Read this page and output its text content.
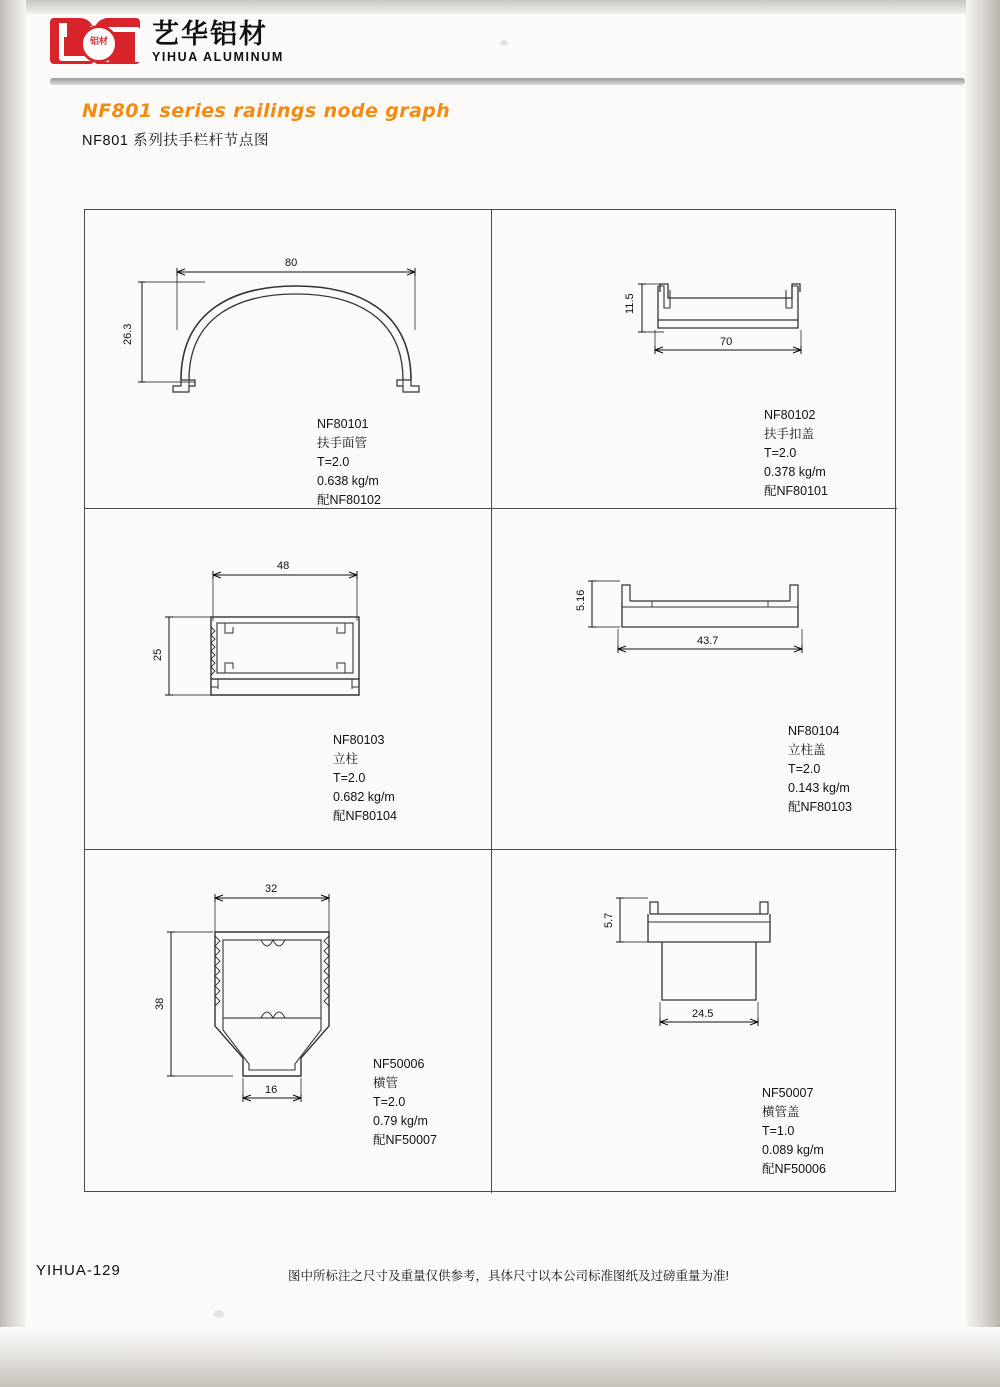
铝材 艺华铝材
YIHUA ALUMINUM
NF801 series railings node graph
NF801 系列扶手栏杆节点图
80
26.3
NF80101
扶手面管
T=2.0
0.638 kg/m
配NF80102
11.5
70
NF80102
扶手扣盖
T=2.0
0.378 kg/m
配NF80101
48
25
NF80103
立柱
T=2.0
0.682 kg/m
配NF80104
5.16
43.7
NF80104
立柱盖
T=2.0
0.143 kg/m
配NF80103
32
38
16
NF50006
横管
T=2.0
0.79 kg/m
配NF50007
5.7
24.5
NF50007
横管盖
T=1.0
0.089 kg/m
配NF50006
YIHUA-129	图中所标注之尺寸及重量仅供参考，具体尺寸以本公司标准图纸及过磅重量为准!
